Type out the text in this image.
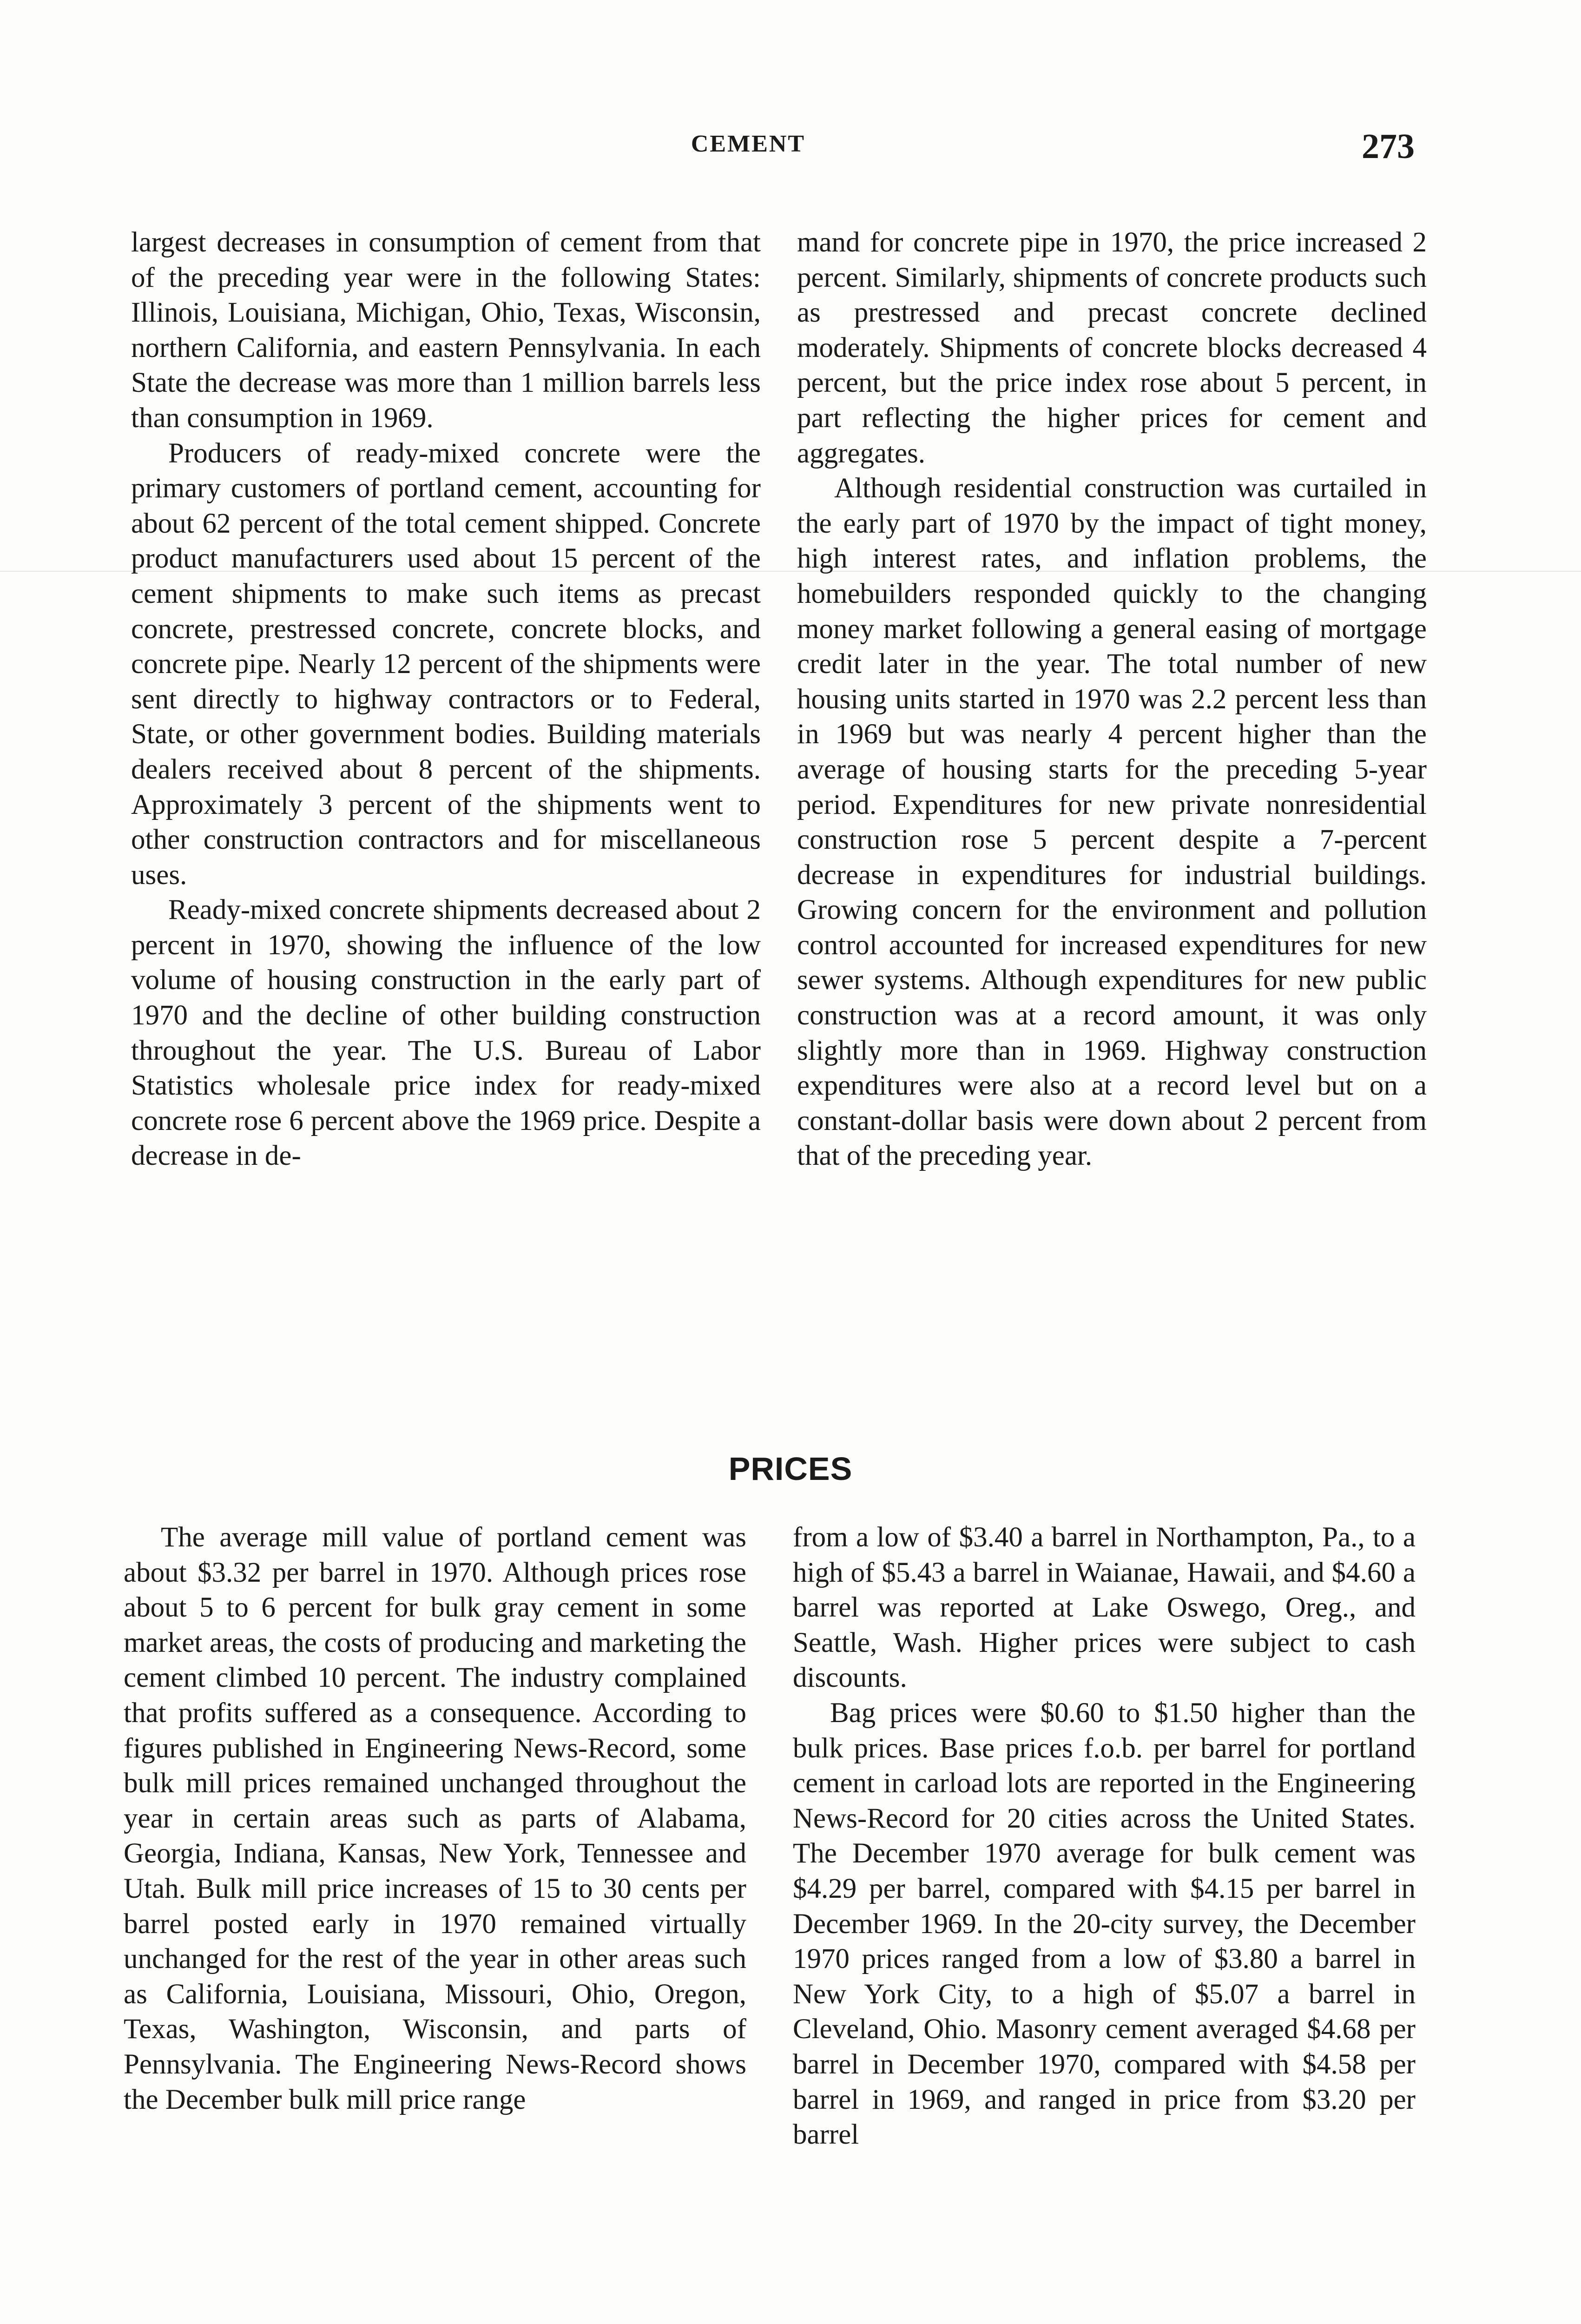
CEMENT	273

largest decreases in consumption of cement from that of the preceding year were in the following States: Illinois, Louisiana, Michigan, Ohio, Texas, Wisconsin, northern California, and eastern Pennsylvania. In each State the decrease was more than 1 million barrels less than consumption in 1969.

Producers of ready-mixed concrete were the primary customers of portland cement, accounting for about 62 percent of the total cement shipped. Concrete product manufacturers used about 15 percent of the cement shipments to make such items as precast concrete, prestressed concrete, concrete blocks, and concrete pipe. Nearly 12 percent of the shipments were sent directly to highway contractors or to Federal, State, or other government bodies. Building materials dealers received about 8 percent of the shipments. Approximately 3 percent of the shipments went to other construction contractors and for miscellaneous uses.

Ready-mixed concrete shipments decreased about 2 percent in 1970, showing the influence of the low volume of housing construction in the early part of 1970 and the decline of other building construction throughout the year. The U.S. Bureau of Labor Statistics wholesale price index for ready-mixed concrete rose 6 percent above the 1969 price. Despite a decrease in de-

mand for concrete pipe in 1970, the price increased 2 percent. Similarly, shipments of concrete products such as prestressed and precast concrete declined moderately. Shipments of concrete blocks decreased 4 percent, but the price index rose about 5 percent, in part reflecting the higher prices for cement and aggregates.

Although residential construction was curtailed in the early part of 1970 by the impact of tight money, high interest rates, and inflation problems, the homebuilders responded quickly to the changing money market following a general easing of mortgage credit later in the year. The total number of new housing units started in 1970 was 2.2 percent less than in 1969 but was nearly 4 percent higher than the average of housing starts for the preceding 5-year period. Expenditures for new private nonresidential construction rose 5 percent despite a 7-percent decrease in expenditures for industrial buildings. Growing concern for the environment and pollution control accounted for increased expenditures for new sewer systems. Although expenditures for new public construction was at a record amount, it was only slightly more than in 1969. Highway construction expenditures were also at a record level but on a constant-dollar basis were down about 2 percent from that of the preceding year.

PRICES

The average mill value of portland cement was about $3.32 per barrel in 1970. Although prices rose about 5 to 6 percent for bulk gray cement in some market areas, the costs of producing and marketing the cement climbed 10 percent. The industry complained that profits suffered as a consequence. According to figures published in Engineering News-Record, some bulk mill prices remained unchanged throughout the year in certain areas such as parts of Alabama, Georgia, Indiana, Kansas, New York, Tennessee and Utah. Bulk mill price increases of 15 to 30 cents per barrel posted early in 1970 remained virtually unchanged for the rest of the year in other areas such as California, Louisiana, Missouri, Ohio, Oregon, Texas, Washington, Wisconsin, and parts of Pennsylvania. The Engineering News-Record shows the December bulk mill price range

from a low of $3.40 a barrel in Northampton, Pa., to a high of $5.43 a barrel in Waianae, Hawaii, and $4.60 a barrel was reported at Lake Oswego, Oreg., and Seattle, Wash. Higher prices were subject to cash discounts.

Bag prices were $0.60 to $1.50 higher than the bulk prices. Base prices f.o.b. per barrel for portland cement in carload lots are reported in the Engineering News-Record for 20 cities across the United States. The December 1970 average for bulk cement was $4.29 per barrel, compared with $4.15 per barrel in December 1969. In the 20-city survey, the December 1970 prices ranged from a low of $3.80 a barrel in New York City, to a high of $5.07 a barrel in Cleveland, Ohio. Masonry cement averaged $4.68 per barrel in December 1970, compared with $4.58 per barrel in 1969, and ranged in price from $3.20 per barrel
